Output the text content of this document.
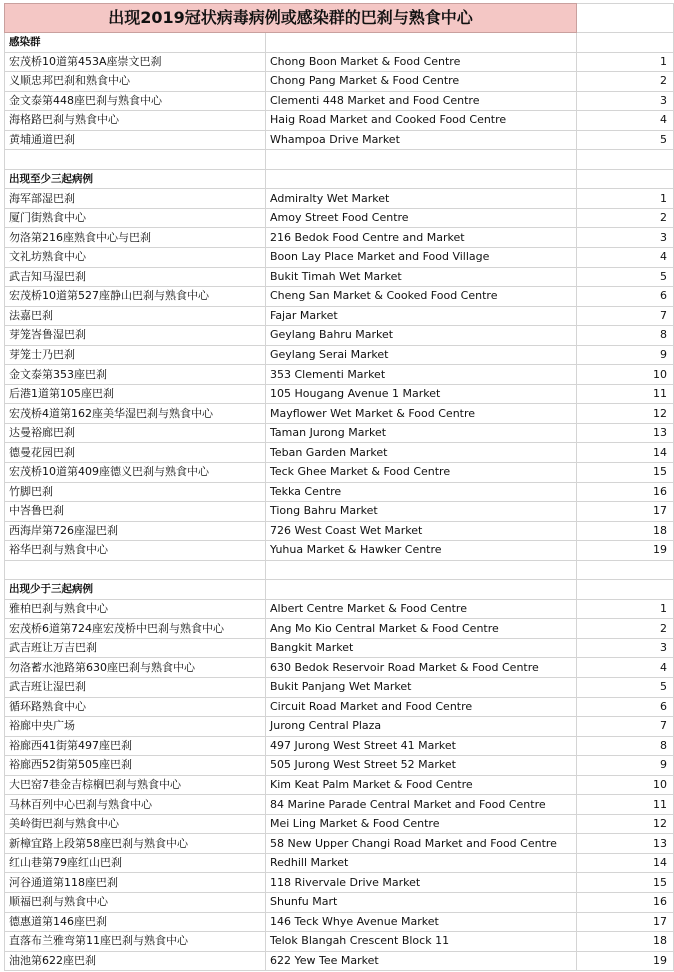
出现2019冠状病毒病例或感染群的巴刹与熟食中心		
感染群		
宏茂桥10道第453A座崇文巴刹	Chong Boon Market & Food Centre	1
义顺忠邦巴刹和熟食中心	Chong Pang Market & Food Centre	2
金文泰第448座巴刹与熟食中心	Clementi 448 Market and Food Centre	3
海格路巴刹与熟食中心	Haig Road Market and Cooked Food Centre	4
黄埔通道巴刹	Whampoa Drive Market	5

出现至少三起病例		
海军部湿巴刹	Admiralty Wet Market	1
厦门街熟食中心	Amoy Street Food Centre	2
勿洛第216座熟食中心与巴刹	216 Bedok Food Centre and Market	3
文礼坊熟食中心	Boon Lay Place Market and Food Village	4
武吉知马湿巴刹	Bukit Timah Wet Market	5
宏茂桥10道第527座静山巴刹与熟食中心	Cheng San Market & Cooked Food Centre	6
法嘉巴刹	Fajar Market	7
芽笼峇鲁湿巴刹	Geylang Bahru Market	8
芽笼士乃巴刹	Geylang Serai Market	9
金文泰第353座巴刹	353 Clementi Market	10
后港1道第105座巴刹	105 Hougang Avenue 1 Market	11
宏茂桥4道第162座美华湿巴刹与熟食中心	Mayflower Wet Market & Food Centre	12
达曼裕廊巴刹	Taman Jurong Market	13
德曼花园巴刹	Teban Garden Market	14
宏茂桥10道第409座德义巴刹与熟食中心	Teck Ghee Market & Food Centre	15
竹脚巴刹	Tekka Centre	16
中峇鲁巴刹	Tiong Bahru Market	17
西海岸第726座湿巴刹	726 West Coast Wet Market	18
裕华巴刹与熟食中心	Yuhua Market & Hawker Centre	19

出现少于三起病例		
雅柏巴刹与熟食中心	Albert Centre Market & Food Centre	1
宏茂桥6道第724座宏茂桥中巴刹与熟食中心	Ang Mo Kio Central Market & Food Centre	2
武吉班让万吉巴刹	Bangkit Market	3
勿洛蓄水池路第630座巴刹与熟食中心	630 Bedok Reservoir Road Market & Food Centre	4
武吉班让湿巴刹	Bukit Panjang Wet Market	5
循环路熟食中心	Circuit Road Market and Food Centre	6
裕廊中央广场	Jurong Central Plaza	7
裕廊西41街第497座巴刹	497 Jurong West Street 41 Market	8
裕廊西52街第505座巴刹	505 Jurong West Street 52 Market	9
大巴窑7巷金吉棕榈巴刹与熟食中心	Kim Keat Palm Market & Food Centre	10
马林百列中心巴刹与熟食中心	84 Marine Parade Central Market and Food Centre	11
美岭街巴刹与熟食中心	Mei Ling Market & Food Centre	12
新樟宜路上段第58座巴刹与熟食中心	58 New Upper Changi Road Market and Food Centre	13
红山巷第79座红山巴刹	Redhill Market	14
河谷通道第118座巴刹	118 Rivervale Drive Market	15
顺福巴刹与熟食中心	Shunfu Mart	16
德惠道第146座巴刹	146 Teck Whye Avenue Market	17
直落布兰雅弯第11座巴刹与熟食中心	Telok Blangah Crescent Block 11	18
油池第622座巴刹	622 Yew Tee Market	19
